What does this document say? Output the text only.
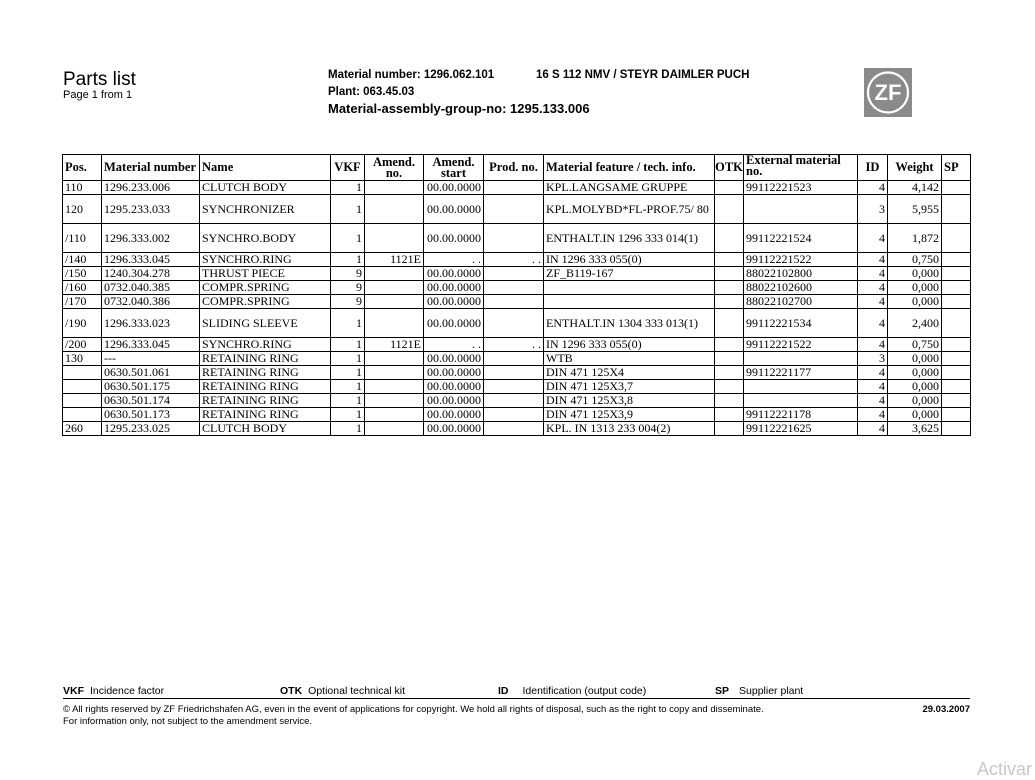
Parts list
Page 1 from 1
Material number: 1296.062.101	16 S 112 NMV / STEYR DAIMLER PUCH
Plant: 063.45.03
Material-assembly-group-no: 1295.133.006
ZF
Pos.	Material number	Name	VKF	Amend. no.	Amend. start	Prod. no.	Material feature / tech. info.	OTK	External material no.	ID	Weight	SP
110	1296.233.006	CLUTCH BODY	1		00.00.0000		KPL.LANGSAME GRUPPE		99112221523	4	4,142	
120	1295.233.033	SYNCHRONIZER	1		00.00.0000		KPL.MOLYBD*FL-PROF.75/ 80			3	5,955	
/110	1296.333.002	SYNCHRO.BODY	1		00.00.0000		ENTHALT.IN 1296 333 014(1)		99112221524	4	1,872	
/140	1296.333.045	SYNCHRO.RING	1	1121E	. .	. .	IN 1296 333 055(0)		99112221522	4	0,750	
/150	1240.304.278	THRUST PIECE	9		00.00.0000		ZF_B119-167		88022102800	4	0,000	
/160	0732.040.385	COMPR.SPRING	9		00.00.0000				88022102600	4	0,000	
/170	0732.040.386	COMPR.SPRING	9		00.00.0000				88022102700	4	0,000	
/190	1296.333.023	SLIDING SLEEVE	1		00.00.0000		ENTHALT.IN 1304 333 013(1)		99112221534	4	2,400	
/200	1296.333.045	SYNCHRO.RING	1	1121E	. .	. .	IN 1296 333 055(0)		99112221522	4	0,750	
130	---	RETAINING RING	1		00.00.0000		WTB			3	0,000	
	0630.501.061	RETAINING RING	1		00.00.0000		DIN 471 125X4		99112221177	4	0,000	
	0630.501.175	RETAINING RING	1		00.00.0000		DIN 471 125X3,7			4	0,000	
	0630.501.174	RETAINING RING	1		00.00.0000		DIN 471 125X3,8			4	0,000	
	0630.501.173	RETAINING RING	1		00.00.0000		DIN 471 125X3,9		99112221178	4	0,000	
260	1295.233.025	CLUTCH BODY	1		00.00.0000		KPL. IN 1313 233 004(2)		99112221625	4	3,625	
VKF Incidence factor	OTK Optional technical kit	ID Identification (output code)	SP Supplier plant
© All rights reserved by ZF Friedrichshafen AG, even in the event of applications for copyright. We hold all rights of disposal, such as the right to copy and disseminate.
For information only, not subject to the amendment service.
29.03.2007
Activar
